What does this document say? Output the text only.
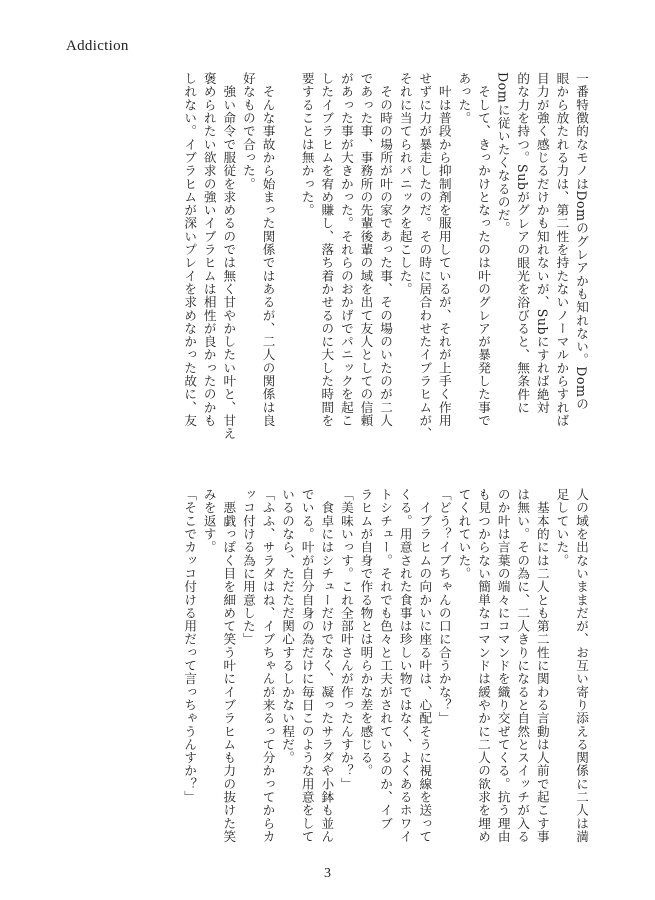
Addiction

一番特徴的なモノはDomのグレアかも知れない。Domの

眼から放たれる力は、第二性を持たないノーマルからすれば

目力が強く感じるだけかも知れないが、Subにすれば絶対

的な力を持つ。Subがグレアの眼光を浴びると、無条件に

Domに従いたくなるのだ。

　そして、きっかけとなったのは叶のグレアが暴発した事で

あった。

　叶は普段から抑制剤を服用しているが、それが上手く作用

せずに力が暴走したのだ。その時に居合わせたイブラヒムが、

それに当てられパニックを起こした。

　その時の場所が叶の家であった事、その場のいたのが二人

であった事、事務所の先輩後輩の域を出て友人としての信頼

があった事が大きかった。それらのおかげでパニックを起こ

したイブラヒムを宥め賺し、落ち着かせるのに大した時間を

要することは無かった。

　そんな事故から始まった関係ではあるが、二人の関係は良

好なもので合った。

　強い命令で服従を求めるのでは無く甘やかしたい叶と、甘え

褒められたい欲求の強いイブラヒムは相性が良かったのかも

しれない。イブラヒムが深いプレイを求めなかった故に、友

人の域を出ないままだが、お互い寄り添える関係に二人は満

足していた。

　基本的には二人とも第二性に関わる言動は人前で起こす事

は無い。その為に、二人きりになると自然とスイッチが入る

のか叶は言葉の端々にコマンドを織り交ぜてくる。抗う理由

も見つからない簡単なコマンドは緩やかに二人の欲求を埋め

てくれていた。

「どう？イブちゃんの口に合うかな？」

　イブラヒムの向かいに座る叶は、心配そうに視線を送って

くる。用意された食事は珍しい物ではなく、よくあるホワイ

トシチュー。それでも色々と工夫がされているのか、イブ

ラヒムが自身で作る物とは明らかな差を感じる。

「美味いっす。これ全部叶さんが作ったんすか？」

　食卓にはシチューだけでなく、凝ったサラダや小鉢も並ん

でいる。叶が自分自身の為だけに毎日このような用意をして

いるのなら、ただただ関心するしかない程だ。

「ふふ、サラダはね、イブちゃんが来るって分かってからカ

ッコ付ける為に用意した」

　悪戯っぽく目を細めて笑う叶にイブラヒムも力の抜けた笑

みを返す。

「そこでカッコ付ける用だって言っちゃうんすか？」

3
